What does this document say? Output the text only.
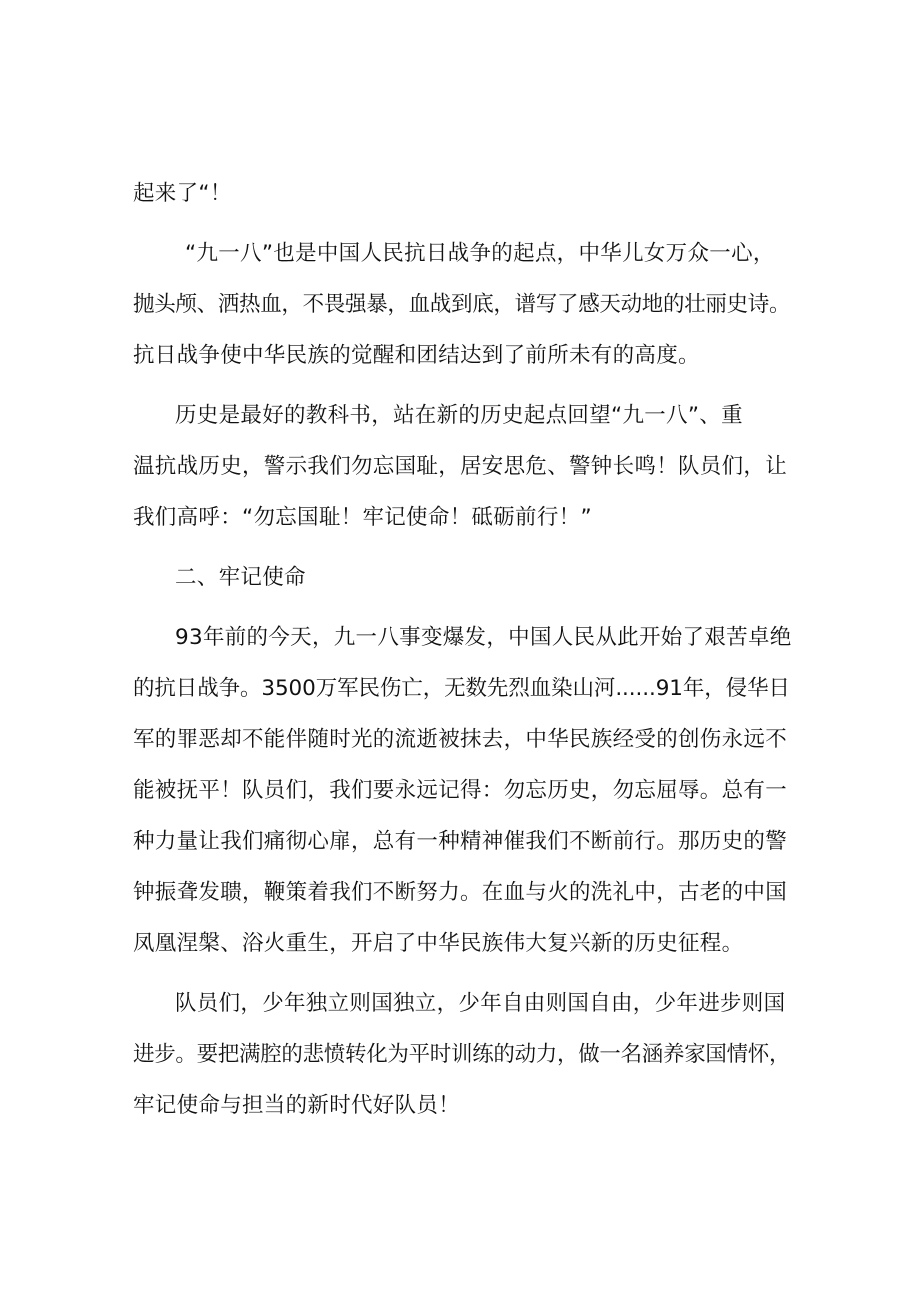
起来了“！

“九一八”也是中国人民抗日战争的起点，中华儿女万众一心，
抛头颅、洒热血，不畏强暴，血战到底，谱写了感天动地的壮丽史诗。
抗日战争使中华民族的觉醒和团结达到了前所未有的高度。

历史是最好的教科书，站在新的历史起点回望“九一八”、重
温抗战历史，警示我们勿忘国耻，居安思危、警钟长鸣！队员们，让
我们高呼：“勿忘国耻！牢记使命！砥砺前行！”

二、牢记使命

93年前的今天，九一八事变爆发，中国人民从此开始了艰苦卓绝
的抗日战争。3500万军民伤亡，无数先烈血染山河......91年，侵华日
军的罪恶却不能伴随时光的流逝被抹去，中华民族经受的创伤永远不
能被抚平！队员们，我们要永远记得：勿忘历史，勿忘屈辱。总有一
种力量让我们痛彻心扉，总有一种精神催我们不断前行。那历史的警
钟振聋发聩，鞭策着我们不断努力。在血与火的洗礼中，古老的中国
凤凰涅槃、浴火重生，开启了中华民族伟大复兴新的历史征程。

队员们，少年独立则国独立，少年自由则国自由，少年进步则国
进步。要把满腔的悲愤转化为平时训练的动力，做一名涵养家国情怀，
牢记使命与担当的新时代好队员！
